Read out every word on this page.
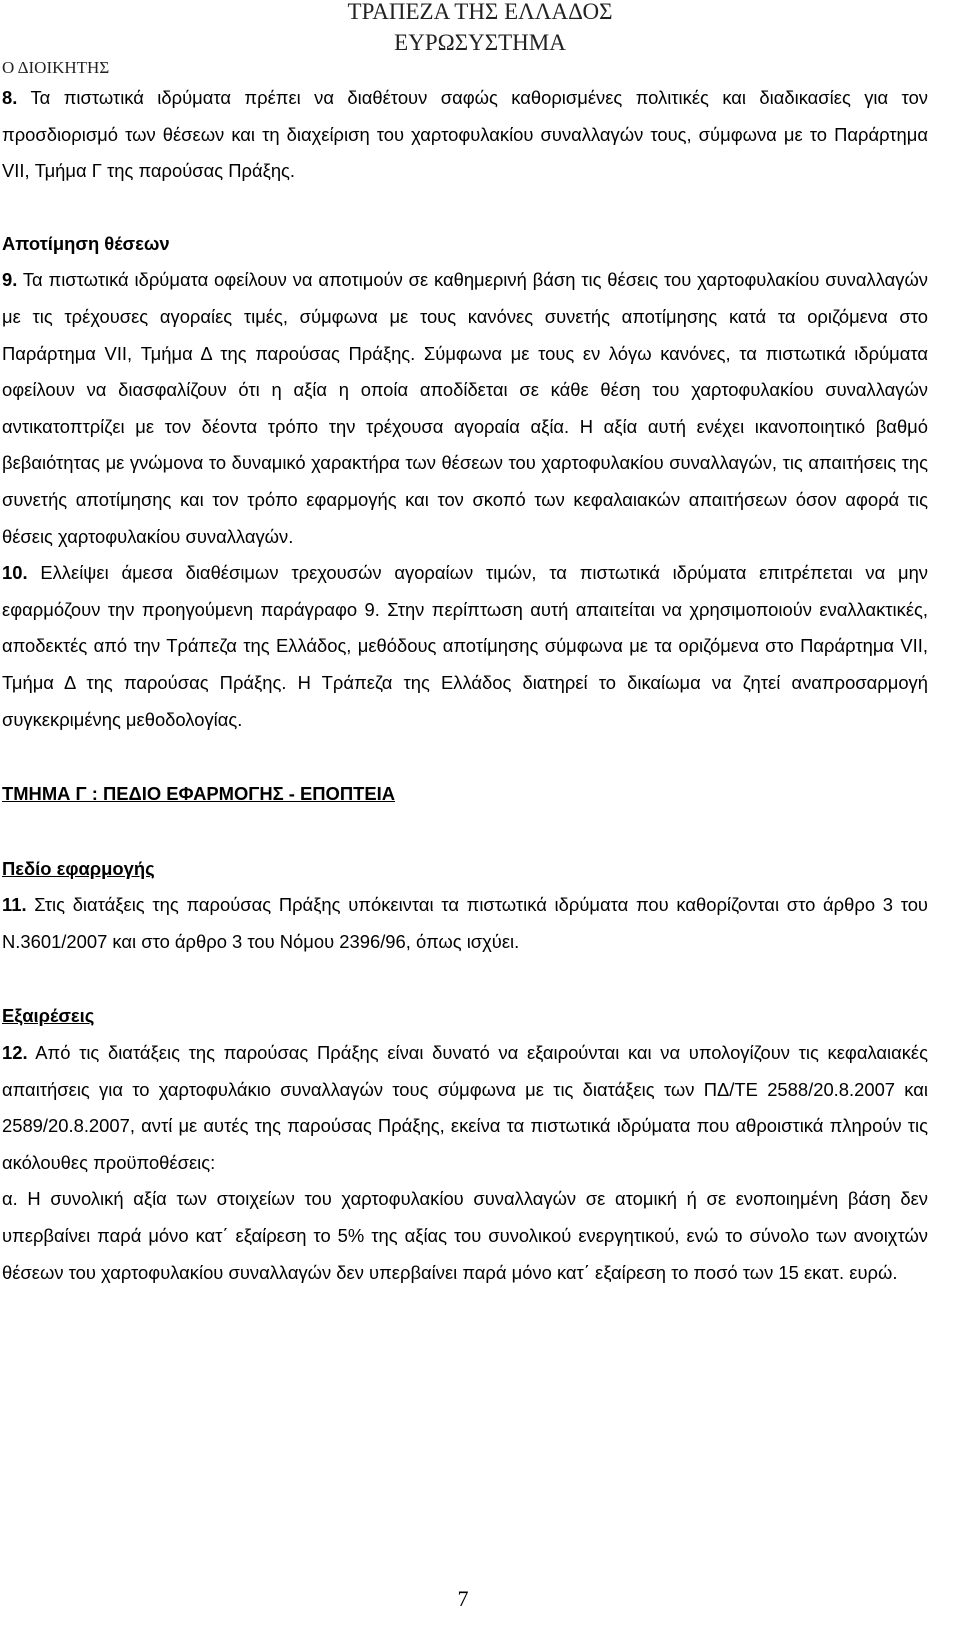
ΤΡΑΠΕΖΑ ΤΗΣ ΕΛΛΑΔΟΣ
ΕΥΡΩΣΥΣΤΗΜΑ
Ο ΔΙΟΙΚΗΤΗΣ

8. Τα πιστωτικά ιδρύματα πρέπει να διαθέτουν σαφώς καθορισμένες πολιτικές και διαδικασίες για τον προσδιορισμό των θέσεων και τη διαχείριση του χαρτοφυλακίου συναλλαγών τους, σύμφωνα με το Παράρτημα VII, Τμήμα Γ της παρούσας Πράξης.

Αποτίμηση θέσεων

9. Τα πιστωτικά ιδρύματα οφείλουν να αποτιμούν σε καθημερινή βάση τις θέσεις του χαρτοφυλακίου συναλλαγών με τις τρέχουσες αγοραίες τιμές, σύμφωνα με τους κανόνες συνετής αποτίμησης κατά τα οριζόμενα στο Παράρτημα VII, Τμήμα Δ της παρούσας Πράξης. Σύμφωνα με τους εν λόγω κανόνες, τα πιστωτικά ιδρύματα οφείλουν να διασφαλίζουν ότι η αξία η οποία αποδίδεται σε κάθε θέση του χαρτοφυλακίου συναλλαγών αντικατοπτρίζει με τον δέοντα τρόπο την τρέχουσα αγοραία αξία. Η αξία αυτή ενέχει ικανοποιητικό βαθμό βεβαιότητας με γνώμονα το δυναμικό χαρακτήρα των θέσεων του χαρτοφυλακίου συναλλαγών, τις απαιτήσεις της συνετής αποτίμησης και τον τρόπο εφαρμογής και τον σκοπό των κεφαλαιακών απαιτήσεων όσον αφορά τις θέσεις χαρτοφυλακίου συναλλαγών.

10. Ελλείψει άμεσα διαθέσιμων τρεχουσών αγοραίων τιμών, τα πιστωτικά ιδρύματα επιτρέπεται να μην εφαρμόζουν την προηγούμενη παράγραφο 9. Στην περίπτωση αυτή απαιτείται να χρησιμοποιούν εναλλακτικές, αποδεκτές από την Τράπεζα της Ελλάδος, μεθόδους αποτίμησης σύμφωνα με τα οριζόμενα στο Παράρτημα VII, Τμήμα Δ της παρούσας Πράξης. Η Τράπεζα της Ελλάδος διατηρεί το δικαίωμα να ζητεί αναπροσαρμογή συγκεκριμένης μεθοδολογίας.

ΤΜΗΜΑ Γ : ΠΕΔΙΟ ΕΦΑΡΜΟΓΗΣ - ΕΠΟΠΤΕΙΑ
Πεδίο εφαρμογής

11. Στις διατάξεις της παρούσας Πράξης υπόκεινται τα πιστωτικά ιδρύματα που καθορίζονται στο άρθρο 3 του Ν.3601/2007 και στο άρθρο 3 του Νόμου 2396/96, όπως ισχύει.

Εξαιρέσεις

12. Από τις διατάξεις της παρούσας Πράξης είναι δυνατό να εξαιρούνται και να υπολογίζουν τις κεφαλαιακές απαιτήσεις για το χαρτοφυλάκιο συναλλαγών τους σύμφωνα με τις διατάξεις των ΠΔ/ΤΕ 2588/20.8.2007 και 2589/20.8.2007, αντί με αυτές της παρούσας Πράξης, εκείνα τα πιστωτικά ιδρύματα που αθροιστικά πληρούν τις ακόλουθες προϋποθέσεις:

α. Η συνολική αξία των στοιχείων του χαρτοφυλακίου συναλλαγών σε ατομική ή σε ενοποιημένη βάση δεν υπερβαίνει παρά μόνο κατ΄ εξαίρεση το 5% της αξίας του συνολικού ενεργητικού, ενώ το σύνολο των ανοιχτών θέσεων του χαρτοφυλακίου συναλλαγών δεν υπερβαίνει παρά μόνο κατ΄ εξαίρεση το ποσό των 15 εκατ. ευρώ.

7
